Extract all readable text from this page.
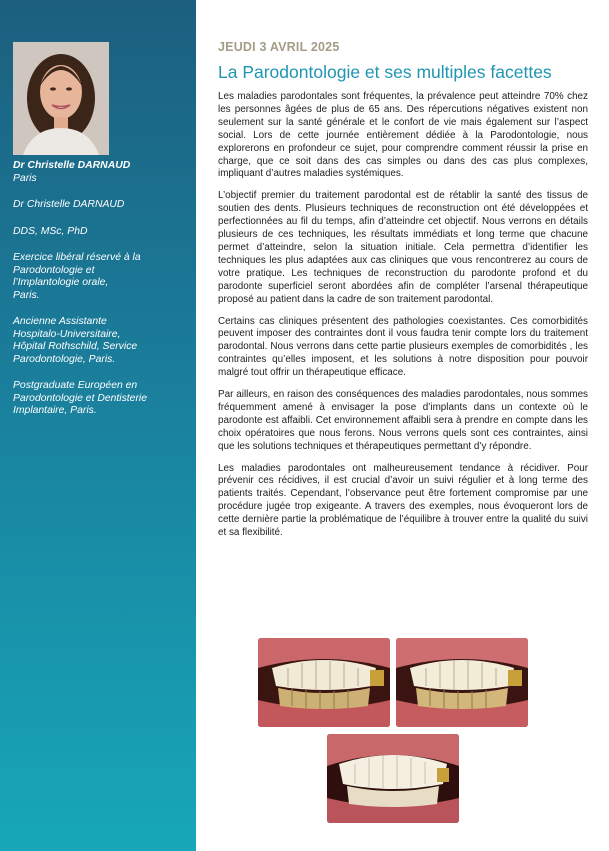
Dr Christelle DARNAUD

Paris

Dr Christelle DARNAUD

DDS, MSc, PhD

Exercice libéral réservé à la
Parodontologie et
l’Implantologie orale,
Paris.

Ancienne Assistante
Hospitalo-Universitaire,
Hôpital Rothschild, Service
Parodontologie, Paris.

Postgraduate Européen en
Parodontologie et Dentisterie
Implantaire, Paris.

JEUDI 3 AVRIL 2025

La Parodontologie et ses multiples facettes

Les maladies parodontales sont fréquentes, la prévalence peut atteindre 70% chez les personnes âgées de plus de 65 ans. Des répercutions négatives existent non seulement sur la santé générale et le confort de vie mais également sur l’aspect social. Lors de cette journée entièrement dédiée à la Parodontologie, nous explorerons en profondeur ce sujet, pour comprendre comment réussir la prise en charge, que ce soit dans des cas simples ou dans des cas plus complexes, impliquant d’autres maladies systémiques.

L’objectif premier du traitement parodontal est de rétablir la santé des tissus de soutien des dents. Plusieurs techniques de reconstruction ont été développées et perfectionnées au fil du temps, afin d’atteindre cet objectif. Nous verrons en détails plusieurs de ces techniques, les résultats immédiats et long terme que chacune permet d’atteindre, selon la situation initiale. Cela permettra d’identifier les techniques les plus adaptées aux cas cliniques que vous rencontrerez au cours de votre pratique. Les techniques de reconstruction du parodonte profond et du parodonte superficiel seront abordées afin de compléter l’arsenal thérapeutique proposé au patient dans la cadre de son traitement parodontal.

Certains cas cliniques présentent des pathologies coexistantes. Ces comorbidités peuvent imposer des contraintes dont il vous faudra tenir compte lors du traitement parodontal. Nous verrons dans cette partie plusieurs exemples de comorbidités , les contraintes qu’elles imposent, et les solutions à notre disposition pour pouvoir malgré tout offrir un thérapeutique efficace.

Par ailleurs, en raison des conséquences des maladies parodontales, nous sommes fréquemment amené à envisager la pose d’implants dans un contexte où le parodonte est affaibli. Cet environnement affaibli sera à prendre en compte dans les choix opératoires que nous ferons. Nous verrons quels sont ces contraintes, ainsi que les solutions techniques et thérapeutiques permettant d’y répondre.

Les maladies parodontales ont malheureusement tendance à récidiver. Pour prévenir ces récidives, il est crucial d’avoir un suivi régulier et à long terme des patients traités. Cependant, l’observance peut être fortement compromise par une procédure jugée trop exigeante. A travers des exemples, nous évoqueront lors de cette dernière partie la problématique de l’équilibre à trouver entre la qualité du suivi et sa flexibilité.
